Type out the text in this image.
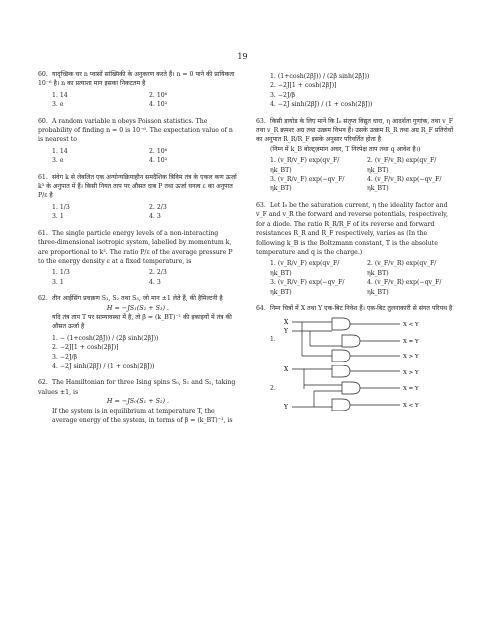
19
60. यादृच्छिक चर n प्वासों सांख्यिकी के अनुकरण करते हैं। n = 0 पाने की प्रायिकता 10⁻⁶ है। n का प्रत्याशा मान इसका निकटतम है
1. 14	2. 10⁶
3. e	4. 10²
60. A random variable n obeys Poisson statistics. The probability of finding n = 0 is 10⁻⁶. The expectation value of n is nearest to
1. 14	2. 10⁶
3. e	4. 10²
61. संवेग k से लेबलित एक अन्योन्यक्रियाहीन समदैशिक त्रिविम तंत्र के एकल कण ऊर्जा k³ के अनुपात में हैं। किसी नियत ताप पर औसत दाब P तथा ऊर्जा घनत्व ε का अनुपात P/ε है
1. 1/3	2. 2/3
3. 1	4. 3
61. The single particle energy levels of a non-interacting three-dimensional isotropic system, labelled by momentum k, are proportional to k³. The ratio P/ε of the average pressure P to the energy density ε at a fixed temperature, is
1. 1/3	2. 2/3
3. 1	4. 3
62. तीन आईसिंग प्रचक्रण S₁, S₂ तथा S₃, जो मान ±1 लेते हैं, की हैमिल्टनी है
H = −JS₁(S₂ + S₃) .
यदि तंत्र ताप T पर साम्यावस्था में है, तो β = (k_BT)⁻¹ की इकाइयों में तंत्र की औसत ऊर्जा है
1. − (1+cosh(2βJ)) / (2β sinh(2βJ))
2. −2J[1 + cosh(2βJ)]
3. −2J/β
4. −2J sinh(2βJ) / (1 + cosh(2βJ))
62. The Hamiltonian for three Ising spins S₀, S₁ and S₂, taking values ±1, is
H = −JS₀(S₁ + S₂) .
If the system is in equilibrium at temperature T, the average energy of the system, in terms of β = (k_BT)⁻¹, is
1. (1+cosh(2βJ)) / (2β sinh(2βJ))
2. −2J[1 + cosh(2βJ)]
3. −2J/β
4. −2J sinh(2βJ) / (1 + cosh(2βJ))
63. किसी डायोड के लिए मानें कि I₀ संतृप्त विद्युत धारा, η आदर्शता गुणांक, तथा v_F तथा v_R क्रमशः अग्र तथा उत्क्रम विभव हैं। उसके उत्क्रम R_R तथा अग्र R_F प्रतिरोधों का अनुपात R_R/R_F इसके अनुसार परिवर्तित होता है
(निम्न में k_B बोल्ट्ज़मान अचर, T निरपेक्ष ताप तथा q आवेश है।)
1. (v_R/v_F) exp(qv_F/ηk_BT)
2. (v_F/v_R) exp(qv_F/ηk_BT)
3. (v_R/v_F) exp(−qv_F/ηk_BT)
4. (v_F/v_R) exp(−qv_F/ηk_BT)
63. Let I₀ be the saturation current, η the ideality factor and v_F and v_R the forward and reverse potentials, respectively, for a diode. The ratio R_R/R_F of its reverse and forward resistances R_R and R_F respectively, varies as (In the following k_B is the Boltzmann constant, T is the absolute temperature and q is the charge.)
1. (v_R/v_F) exp(qv_F/ηk_BT)
2. (v_F/v_R) exp(qv_F/ηk_BT)
3. (v_R/v_F) exp(−qv_F/ηk_BT)
4. (v_F/v_R) exp(−qv_F/ηk_BT)
64. निम्न चित्रों में X तथा Y एक-बिट निवेश हैं। एक-बिट तुलनाकारी से संगत परिपथ है
1.
X
Y
X < Y
X = Y
X > Y
2.
X
Y
X > Y
X = Y
X < Y
